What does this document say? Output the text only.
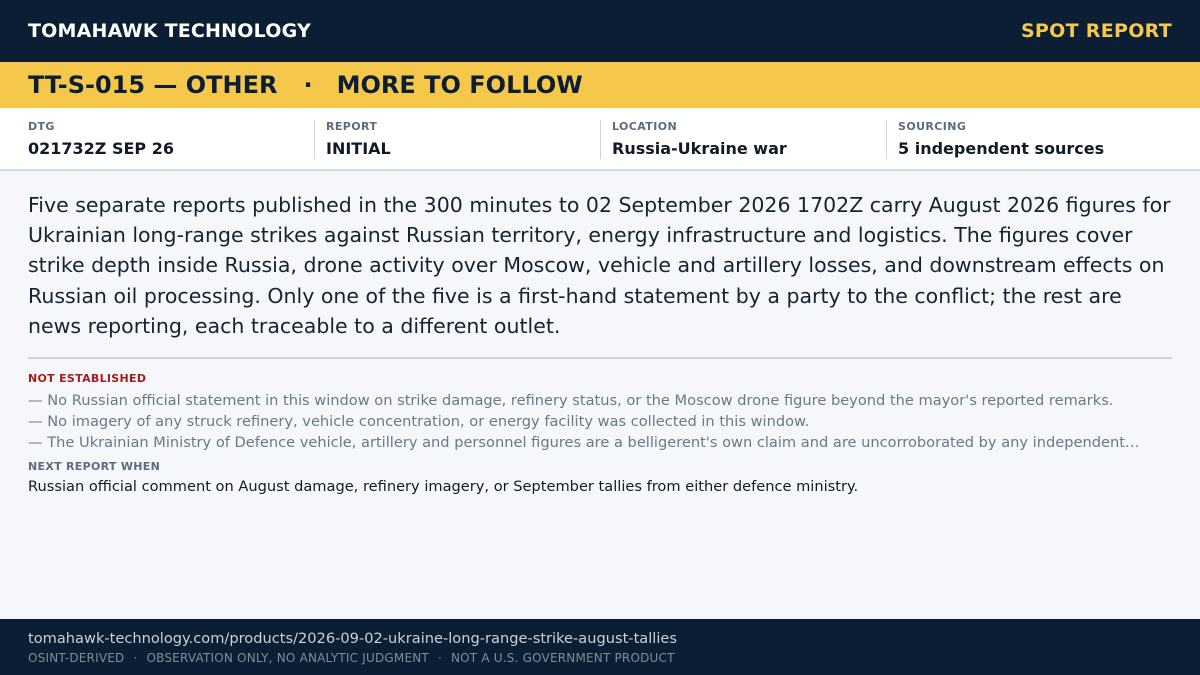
TOMAHAWK TECHNOLOGY	SPOT REPORT
TT-S-015 — OTHER · MORE TO FOLLOW
DTG
021732Z SEP 26
REPORT
INITIAL
LOCATION
Russia-Ukraine war
SOURCING
5 independent sources

Five separate reports published in the 300 minutes to 02 September 2026 1702Z carry August 2026 figures for Ukrainian long-range strikes against Russian territory, energy infrastructure and logistics. The figures cover strike depth inside Russia, drone activity over Moscow, vehicle and artillery losses, and downstream effects on Russian oil processing. Only one of the five is a first-hand statement by a party to the conflict; the rest are news reporting, each traceable to a different outlet.

NOT ESTABLISHED
— No Russian official statement in this window on strike damage, refinery status, or the Moscow drone figure beyond the mayor's reported remarks.
— No imagery of any struck refinery, vehicle concentration, or energy facility was collected in this window.
— The Ukrainian Ministry of Defence vehicle, artillery and personnel figures are a belligerent's own claim and are uncorroborated by any independent…
NEXT REPORT WHEN
Russian official comment on August damage, refinery imagery, or September tallies from either defence ministry.
tomahawk-technology.com/products/2026-09-02-ukraine-long-range-strike-august-tallies
OSINT-DERIVED · OBSERVATION ONLY, NO ANALYTIC JUDGMENT · NOT A U.S. GOVERNMENT PRODUCT
